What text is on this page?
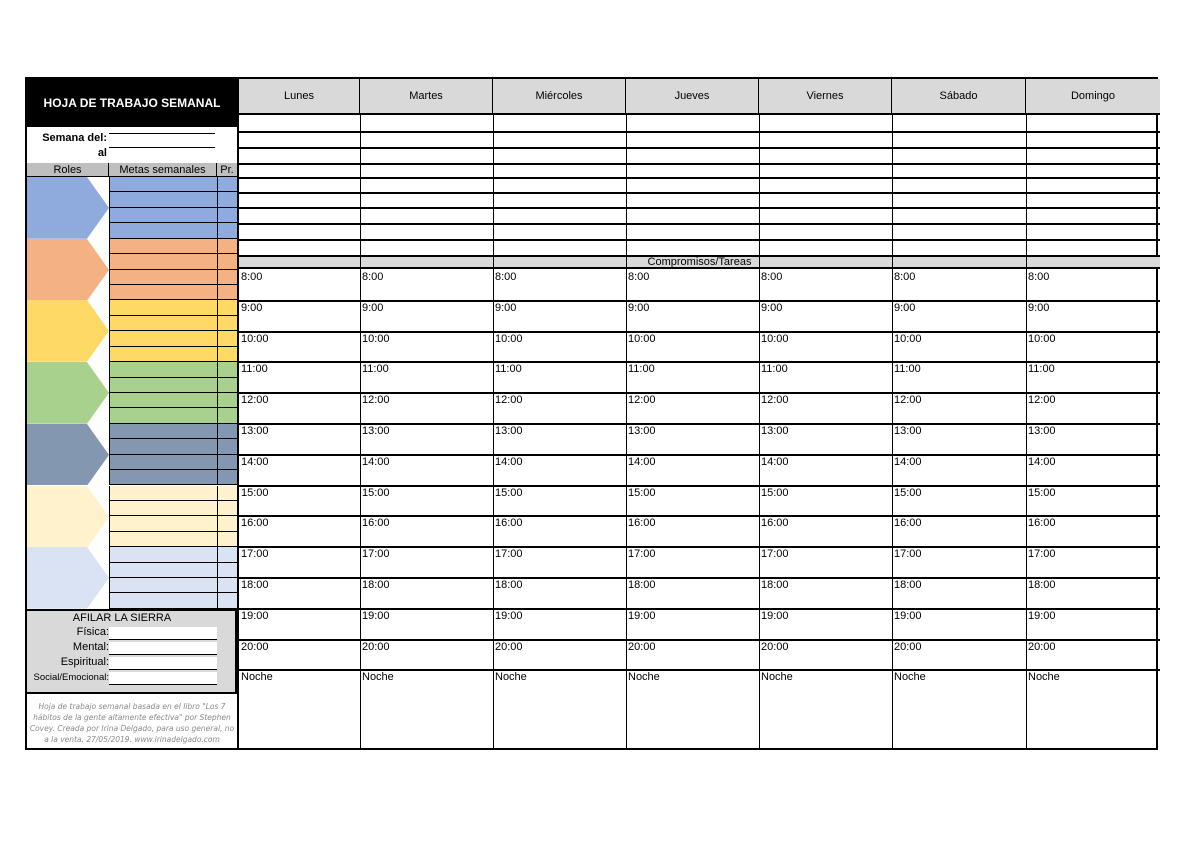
HOJA DE TRABAJO SEMANAL
Semana del:
al
Roles	Metas semanales	Pr.
AFILAR LA SIERRA
Física:
Mental:
Espiritual:
Social/Emocional:
Hoja de trabajo semanal basada en el libro "Los 7 hábitos de la gente altamente efectiva" por Stephen Covey. Creada por Irina Delgado, para uso general, no a la venta. 27/05/2019. www.irinadelgado.com
Compromisos/Tareas
Lunes	Martes	Miércoles	Jueves	Viernes	Sábado	Domingo
8:00	8:00	8:00	8:00	8:00	8:00	8:00
9:00	9:00	9:00	9:00	9:00	9:00	9:00
10:00	10:00	10:00	10:00	10:00	10:00	10:00
11:00	11:00	11:00	11:00	11:00	11:00	11:00
12:00	12:00	12:00	12:00	12:00	12:00	12:00
13:00	13:00	13:00	13:00	13:00	13:00	13:00
14:00	14:00	14:00	14:00	14:00	14:00	14:00
15:00	15:00	15:00	15:00	15:00	15:00	15:00
16:00	16:00	16:00	16:00	16:00	16:00	16:00
17:00	17:00	17:00	17:00	17:00	17:00	17:00
18:00	18:00	18:00	18:00	18:00	18:00	18:00
19:00	19:00	19:00	19:00	19:00	19:00	19:00
20:00	20:00	20:00	20:00	20:00	20:00	20:00
Noche	Noche	Noche	Noche	Noche	Noche	Noche
